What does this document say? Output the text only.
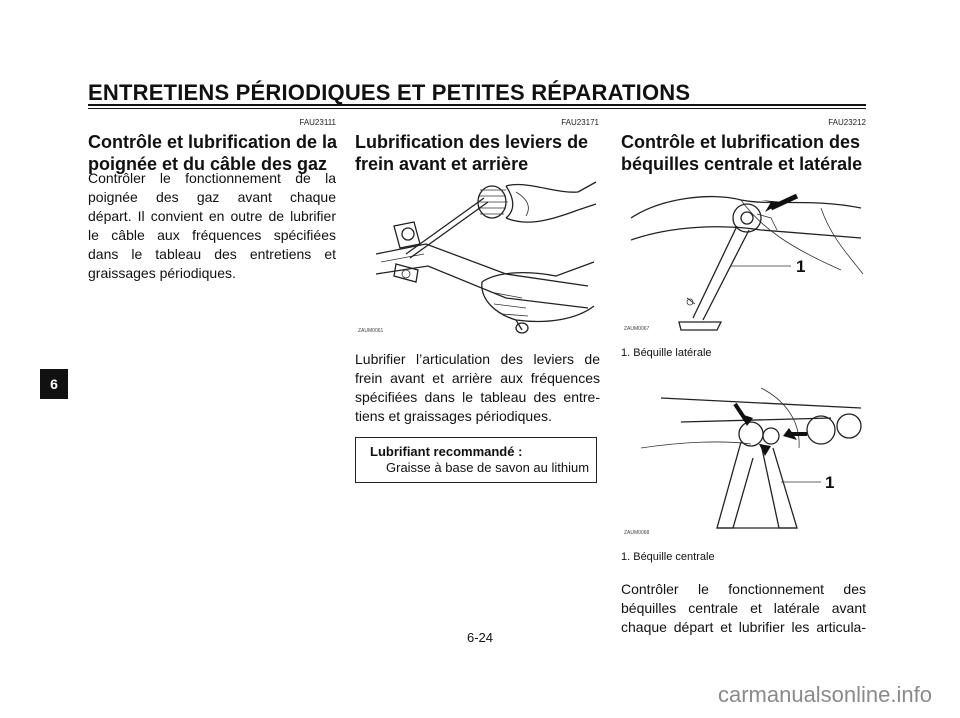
ENTRETIENS PÉRIODIQUES ET PETITES RÉPARATIONS
6
FAU23111
Contrôle et lubrification de la
poignée et du câble des gaz
Contrôler le fonctionnement de la
poignée des gaz avant chaque
départ. Il convient en outre de lubrifier
le câble aux fréquences spécifiées
dans le tableau des entretiens et
graissages périodiques.
FAU23171
Lubrification des leviers de
frein avant et arrière
ZAUM0061
Lubrifier l’articulation des leviers de
frein avant et arrière aux fréquences
spécifiées dans le tableau des entre-
tiens et graissages périodiques.
Lubrifiant recommandé :
Graisse à base de savon au lithium
FAU23212
Contrôle et lubrification des
béquilles centrale et latérale
1
ZAUM0067
1. Béquille latérale
1
ZAUM0068
1. Béquille centrale
Contrôler le fonctionnement des
béquilles centrale et latérale avant
chaque départ et lubrifier les articula-
6-24
carmanualsonline.info
